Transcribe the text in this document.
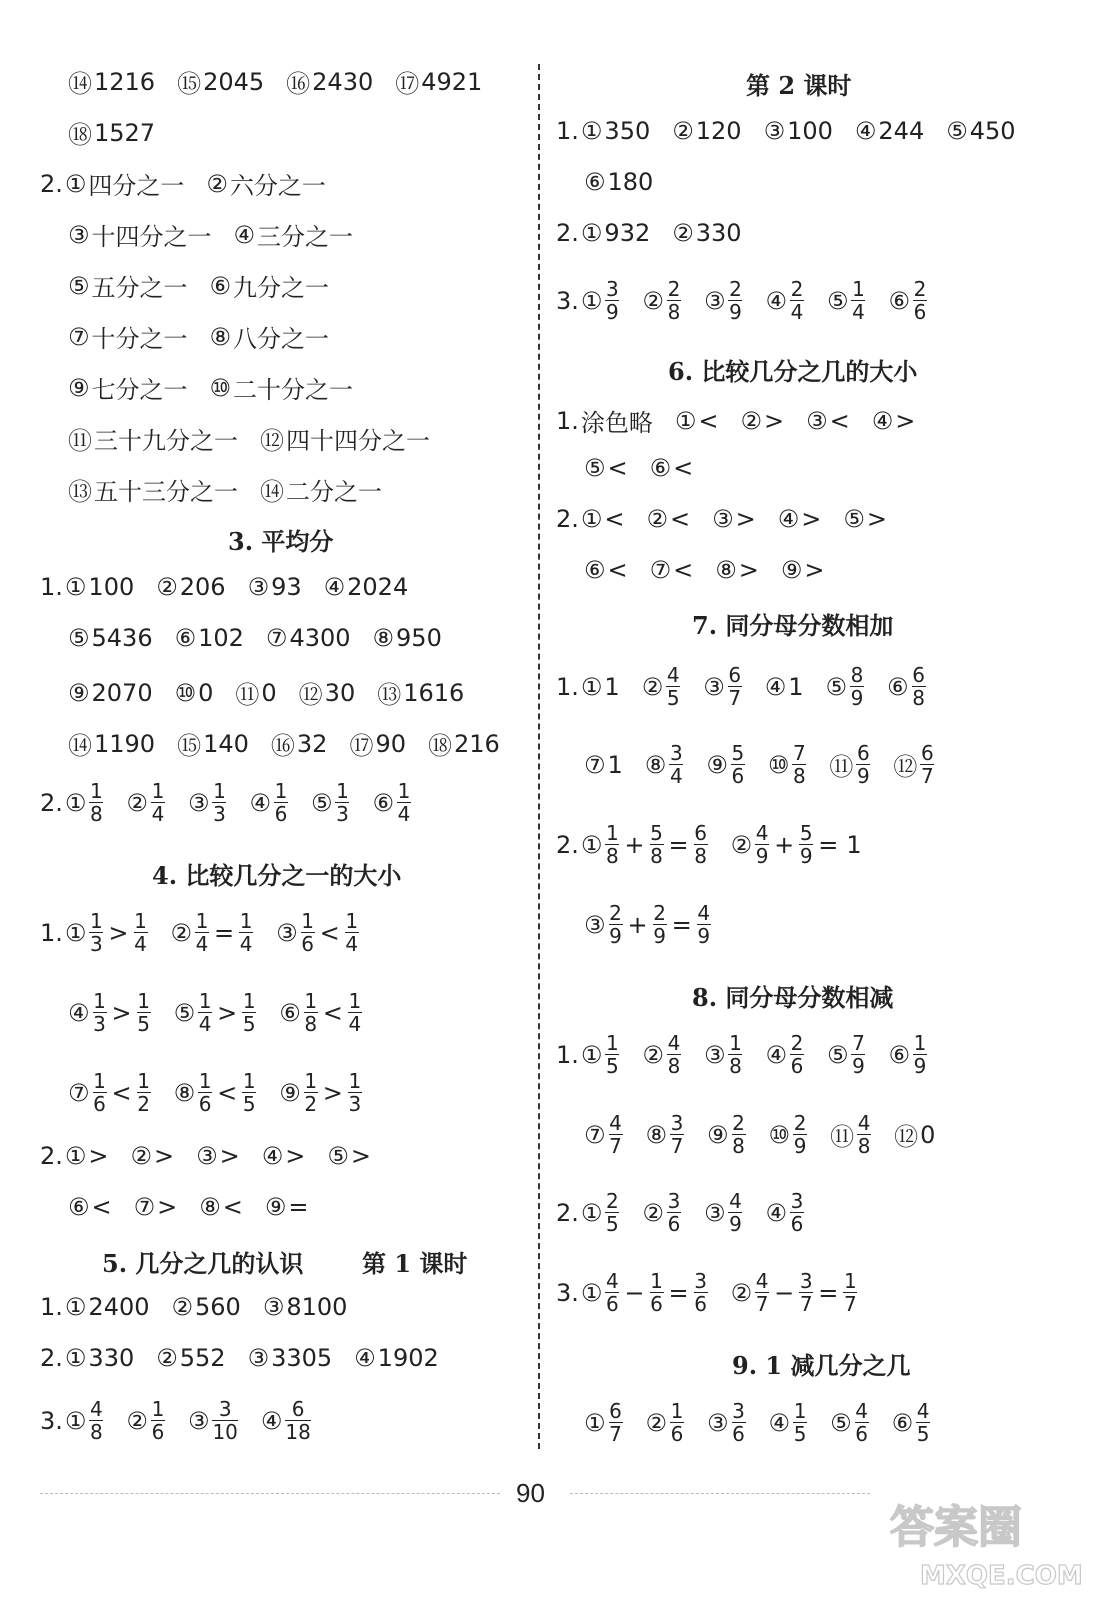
⑭ 1216 ⑮ 2045 ⑯ 2430 ⑰ 4921
⑱ 1527
2. ① 四分之一 ② 六分之一
③ 十四分之一 ④ 三分之一
⑤ 五分之一 ⑥ 九分之一
⑦ 十分之一 ⑧ 八分之一
⑨ 七分之一 ⑩ 二十分之一
⑪ 三十九分之一 ⑫ 四十四分之一
⑬ 五十三分之一 ⑭ 二分之一
3. 平均分
1. ① 100 ② 206 ③ 93 ④ 2024
⑤ 5436 ⑥ 102 ⑦ 4300 ⑧ 950
⑨ 2070 ⑩ 0 ⑪ 0 ⑫ 30 ⑬ 1616
⑭ 1190 ⑮ 140 ⑯ 32 ⑰ 90 ⑱ 216
2. ① $\frac{1}{8}$ ② $\frac{1}{4}$ ③ $\frac{1}{3}$ ④ $\frac{1}{6}$ ⑤ $\frac{1}{3}$ ⑥ $\frac{1}{4}$
4. 比较几分之一的大小
1. ① $\frac{1}{3} > \frac{1}{4}$ ② $\frac{1}{4} = \frac{1}{4}$ ③ $\frac{1}{6} < \frac{1}{4}$
④ $\frac{1}{3} > \frac{1}{5}$ ⑤ $\frac{1}{4} > \frac{1}{5}$ ⑥ $\frac{1}{8} < \frac{1}{4}$
⑦ $\frac{1}{6} < \frac{1}{2}$ ⑧ $\frac{1}{6} < \frac{1}{5}$ ⑨ $\frac{1}{2} > \frac{1}{3}$
2. ① > ② > ③ > ④ > ⑤ >
⑥ < ⑦ > ⑧ < ⑨ =
5. 几分之几的认识 第 1 课时
1. ① 2400 ② 560 ③ 8100
2. ① 330 ② 552 ③ 3305 ④ 1902
3. ① $\frac{4}{8}$ ② $\frac{1}{6}$ ③ $\frac{3}{10}$ ④ $\frac{6}{18}$
第 2 课时
1. ① 350 ② 120 ③ 100 ④ 244 ⑤ 450
⑥ 180
2. ① 932 ② 330
3. ① $\frac{3}{9}$ ② $\frac{2}{8}$ ③ $\frac{2}{9}$ ④ $\frac{2}{4}$ ⑤ $\frac{1}{4}$ ⑥ $\frac{2}{6}$
6. 比较几分之几的大小
1. 涂色略 ① < ② > ③ < ④ >
⑤ < ⑥ <
2. ① < ② < ③ > ④ > ⑤ >
⑥ < ⑦ < ⑧ > ⑨ >
7. 同分母分数相加
1. ① 1 ② $\frac{4}{5}$ ③ $\frac{6}{7}$ ④ 1 ⑤ $\frac{8}{9}$ ⑥ $\frac{6}{8}$
⑦ 1 ⑧ $\frac{3}{4}$ ⑨ $\frac{5}{6}$ ⑩ $\frac{7}{8}$ ⑪ $\frac{6}{9}$ ⑫ $\frac{6}{7}$
2. ① $\frac{1}{8} + \frac{5}{8} = \frac{6}{8}$ ② $\frac{4}{9} + \frac{5}{9} = 1$
③ $\frac{2}{9} + \frac{2}{9} = \frac{4}{9}$
8. 同分母分数相减
1. ① $\frac{1}{5}$ ② $\frac{4}{8}$ ③ $\frac{1}{8}$ ④ $\frac{2}{6}$ ⑤ $\frac{7}{9}$ ⑥ $\frac{1}{9}$
⑦ $\frac{4}{7}$ ⑧ $\frac{3}{7}$ ⑨ $\frac{2}{8}$ ⑩ $\frac{2}{9}$ ⑪ $\frac{4}{8}$ ⑫ 0
2. ① $\frac{2}{5}$ ② $\frac{3}{6}$ ③ $\frac{4}{9}$ ④ $\frac{3}{6}$
3. ① $\frac{4}{6} - \frac{1}{6} = \frac{3}{6}$ ② $\frac{4}{7} - \frac{3}{7} = \frac{1}{7}$
9. 1 减几分之几
① $\frac{6}{7}$ ② $\frac{1}{6}$ ③ $\frac{3}{6}$ ④ $\frac{1}{5}$ ⑤ $\frac{4}{6}$ ⑥ $\frac{4}{5}$
90
答案圈
MXQE.COM
